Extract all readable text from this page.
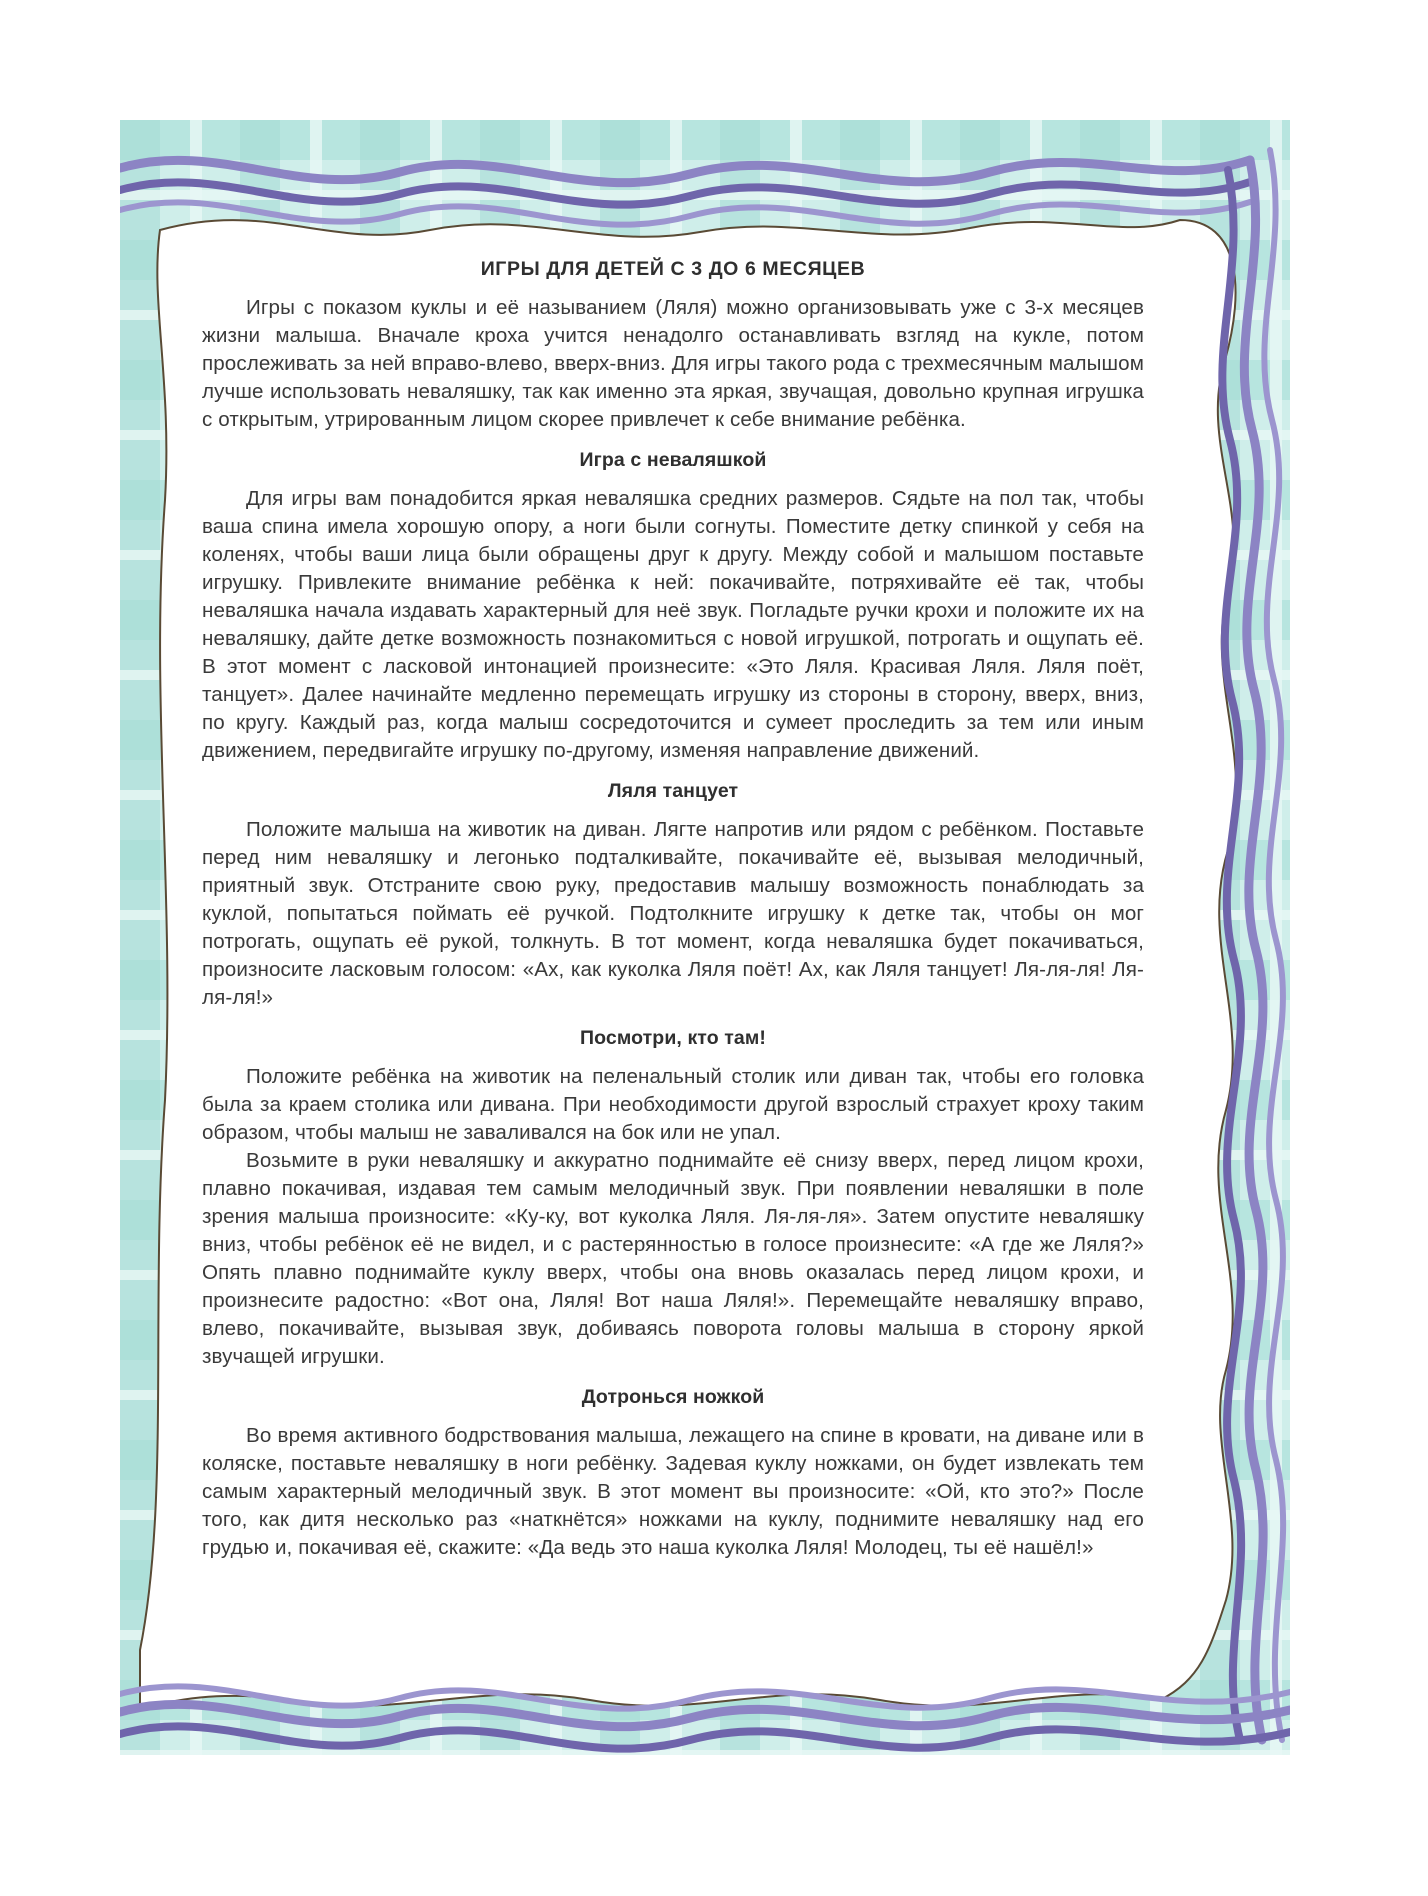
ИГРЫ ДЛЯ ДЕТЕЙ С 3 ДО 6 МЕСЯЦЕВ

Игры с показом куклы и её называнием (Ляля) можно организовывать уже с 3-х месяцев жизни малыша. Вначале кроха учится ненадолго останавливать взгляд на кукле, потом прослеживать за ней вправо-влево, вверх-вниз. Для игры такого рода с трехмесячным малышом лучше использовать неваляшку, так как именно эта яркая, звучащая, довольно крупная игрушка с открытым, утрированным лицом скорее привлечет к себе внимание ребёнка.

Игра с неваляшкой

Для игры вам понадобится яркая неваляшка средних размеров. Сядьте на пол так, чтобы ваша спина имела хорошую опору, а ноги были согнуты. Поместите детку спинкой у себя на коленях, чтобы ваши лица были обращены друг к другу. Между собой и малышом поставьте игрушку. Привлеките внимание ребёнка к ней: покачивайте, потряхивайте её так, чтобы неваляшка начала издавать характерный для неё звук. Погладьте ручки крохи и положите их на неваляшку, дайте детке возможность познакомиться с новой игрушкой, потрогать и ощупать её. В этот момент с ласковой интонацией произнесите: «Это Ляля. Красивая Ляля. Ляля поёт, танцует». Далее начинайте медленно перемещать игрушку из стороны в сторону, вверх, вниз, по кругу. Каждый раз, когда малыш сосредоточится и сумеет проследить за тем или иным движением, передвигайте игрушку по-другому, изменяя направление движений.

Ляля танцует

Положите малыша на животик на диван. Лягте напротив или рядом с ребёнком. Поставьте перед ним неваляшку и легонько подталкивайте, покачивайте её, вызывая мелодичный, приятный звук. Отстраните свою руку, предоставив малышу возможность понаблюдать за куклой, попытаться поймать её ручкой. Подтолкните игрушку к детке так, чтобы он мог потрогать, ощупать её рукой, толкнуть. В тот момент, когда неваляшка будет покачиваться, произносите ласковым голосом: «Ах, как куколка Ляля поёт! Ах, как Ляля танцует! Ля-ля-ля! Ля-ля-ля!»

Посмотри, кто там!

Положите ребёнка на животик на пеленальный столик или диван так, чтобы его головка была за краем столика или дивана. При необходимости другой взрослый страхует кроху таким образом, чтобы малыш не заваливался на бок или не упал.

Возьмите в руки неваляшку и аккуратно поднимайте её снизу вверх, перед лицом крохи, плавно покачивая, издавая тем самым мелодичный звук. При появлении неваляшки в поле зрения малыша произносите: «Ку-ку, вот куколка Ляля. Ля-ля-ля». Затем опустите неваляшку вниз, чтобы ребёнок её не видел, и с растерянностью в голосе произнесите: «А где же Ляля?» Опять плавно поднимайте куклу вверх, чтобы она вновь оказалась перед лицом крохи, и произнесите радостно: «Вот она, Ляля! Вот наша Ляля!». Перемещайте неваляшку вправо, влево, покачивайте, вызывая звук, добиваясь поворота головы малыша в сторону яркой звучащей игрушки.

Дотронься ножкой

Во время активного бодрствования малыша, лежащего на спине в кровати, на диване или в коляске, поставьте неваляшку в ноги ребёнку. Задевая куклу ножками, он будет извлекать тем самым характерный мелодичный звук. В этот момент вы произносите: «Ой, кто это?» После того, как дитя несколько раз «наткнётся» ножками на куклу, поднимите неваляшку над его грудью и, покачивая её, скажите: «Да ведь это наша куколка Ляля! Молодец, ты её нашёл!»
